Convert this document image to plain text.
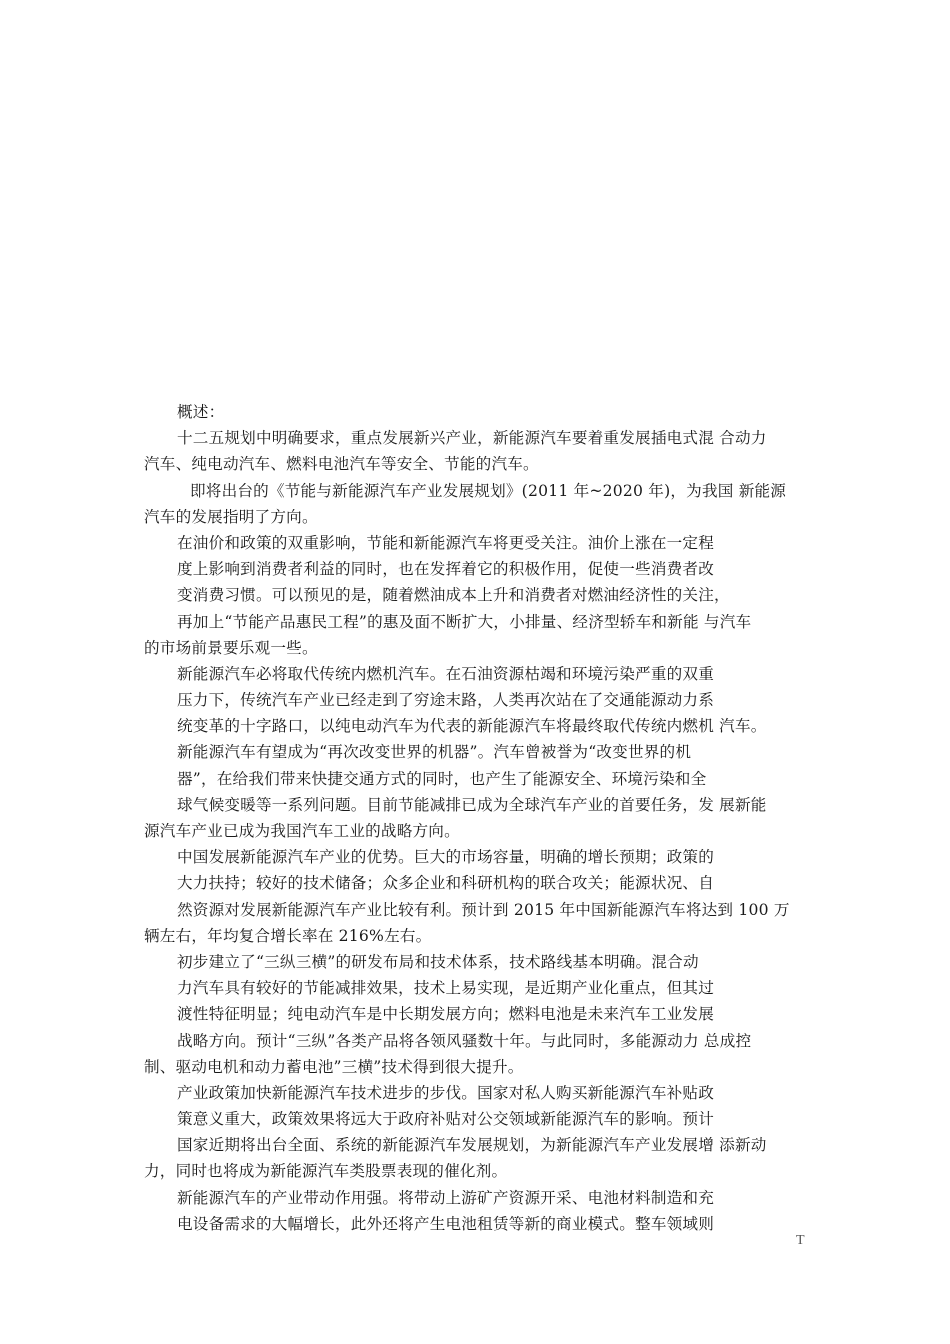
概述：
十二五规划中明确要求，重点发展新兴产业，新能源汽车要着重发展插电式混 合动力
汽车、纯电动汽车、燃料电池汽车等安全、节能的汽车。
即将出台的《节能与新能源汽车产业发展规划》(2011 年~2020 年)，为我国 新能源
汽车的发展指明了方向。
在油价和政策的双重影响，节能和新能源汽车将更受关注。油价上涨在一定程
度上影响到消费者利益的同时，也在发挥着它的积极作用，促使一些消费者改
变消费习惯。可以预见的是，随着燃油成本上升和消费者对燃油经济性的关注，
再加上“节能产品惠民工程”的惠及面不断扩大，小排量、经济型轿车和新能 与汽车
的市场前景要乐观一些。
新能源汽车必将取代传统内燃机汽车。在石油资源枯竭和环境污染严重的双重
压力下，传统汽车产业已经走到了穷途末路，人类再次站在了交通能源动力系
统变革的十字路口，以纯电动汽车为代表的新能源汽车将最终取代传统内燃机 汽车。
新能源汽车有望成为“再次改变世界的机器”。汽车曾被誉为“改变世界的机
器”，在给我们带来快捷交通方式的同时，也产生了能源安全、环境污染和全
球气候变暖等一系列问题。目前节能减排已成为全球汽车产业的首要任务，发 展新能
源汽车产业已成为我国汽车工业的战略方向。
中国发展新能源汽车产业的优势。巨大的市场容量，明确的增长预期；政策的
大力扶持；较好的技术储备；众多企业和科研机构的联合攻关；能源状况、自
然资源对发展新能源汽车产业比较有利。预计到 2015 年中国新能源汽车将达到 100 万
辆左右，年均复合增长率在 216%左右。
初步建立了“三纵三横”的研发布局和技术体系，技术路线基本明确。混合动
力汽车具有较好的节能减排效果，技术上易实现，是近期产业化重点，但其过
渡性特征明显；纯电动汽车是中长期发展方向；燃料电池是未来汽车工业发展
战略方向。预计“三纵”各类产品将各领风骚数十年。与此同时，多能源动力 总成控
制、驱动电机和动力蓄电池”三横”技术得到很大提升。
产业政策加快新能源汽车技术进步的步伐。国家对私人购买新能源汽车补贴政
策意义重大，政策效果将远大于政府补贴对公交领域新能源汽车的影响。预计
国家近期将出台全面、系统的新能源汽车发展规划，为新能源汽车产业发展增 添新动
力，同时也将成为新能源汽车类股票表现的催化剂。
新能源汽车的产业带动作用强。将带动上游矿产资源开采、电池材料制造和充
电设备需求的大幅增长，此外还将产生电池租赁等新的商业模式。整车领域则
T
